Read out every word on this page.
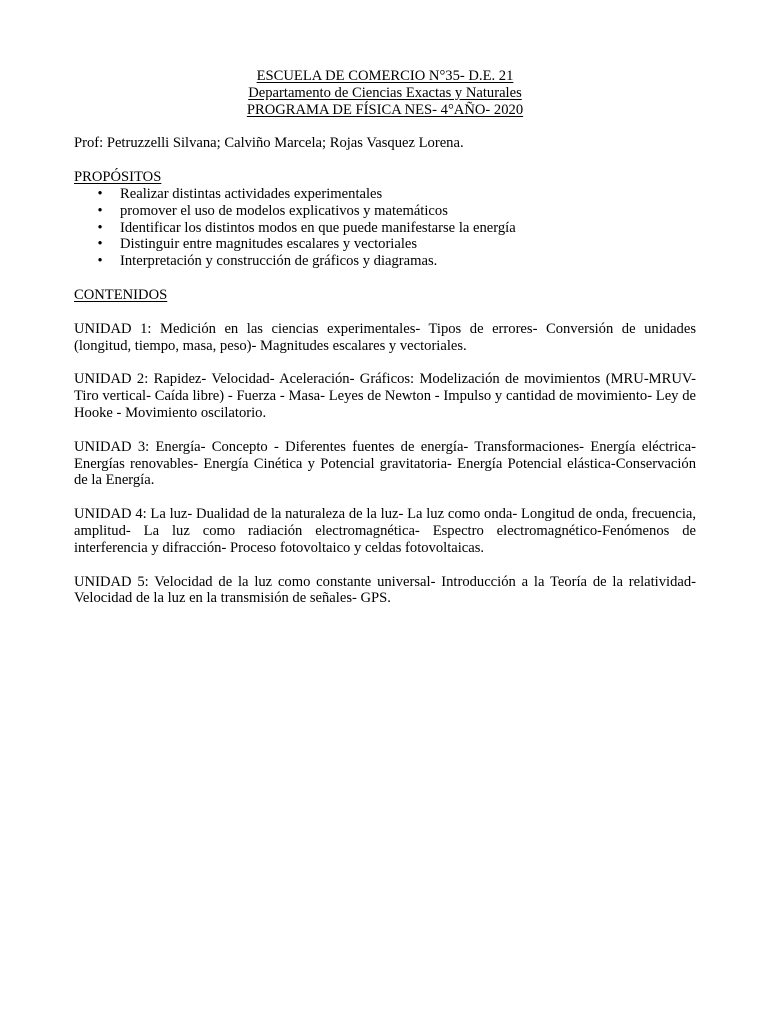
ESCUELA DE COMERCIO N°35- D.E. 21
Departamento de Ciencias Exactas y Naturales
PROGRAMA DE FÍSICA NES- 4°AÑO- 2020
Prof: Petruzzelli Silvana; Calviño Marcela; Rojas Vasquez Lorena.
PROPÓSITOS
• Realizar distintas actividades experimentales
• promover el uso de modelos explicativos y matemáticos
• Identificar los distintos modos en que puede manifestarse la energía
• Distinguir entre magnitudes escalares y vectoriales
• Interpretación y construcción de gráficos y diagramas.
CONTENIDOS

UNIDAD 1: Medición en las ciencias experimentales- Tipos de errores- Conversión de unidades (longitud, tiempo, masa, peso)- Magnitudes escalares y vectoriales.

UNIDAD 2: Rapidez- Velocidad- Aceleración- Gráficos: Modelización de movimientos (MRU-MRUV- Tiro vertical- Caída libre) - Fuerza - Masa- Leyes de Newton - Impulso y cantidad de movimiento- Ley de Hooke - Movimiento oscilatorio.

UNIDAD 3: Energía- Concepto - Diferentes fuentes de energía- Transformaciones- Energía eléctrica- Energías renovables- Energía Cinética y Potencial gravitatoria- Energía Potencial elástica-Conservación de la Energía.

UNIDAD 4: La luz- Dualidad de la naturaleza de la luz- La luz como onda- Longitud de onda, frecuencia, amplitud- La luz como radiación electromagnética- Espectro electromagnético-Fenómenos de interferencia y difracción- Proceso fotovoltaico y celdas fotovoltaicas.

UNIDAD 5: Velocidad de la luz como constante universal- Introducción a la Teoría de la relatividad- Velocidad de la luz en la transmisión de señales- GPS.
